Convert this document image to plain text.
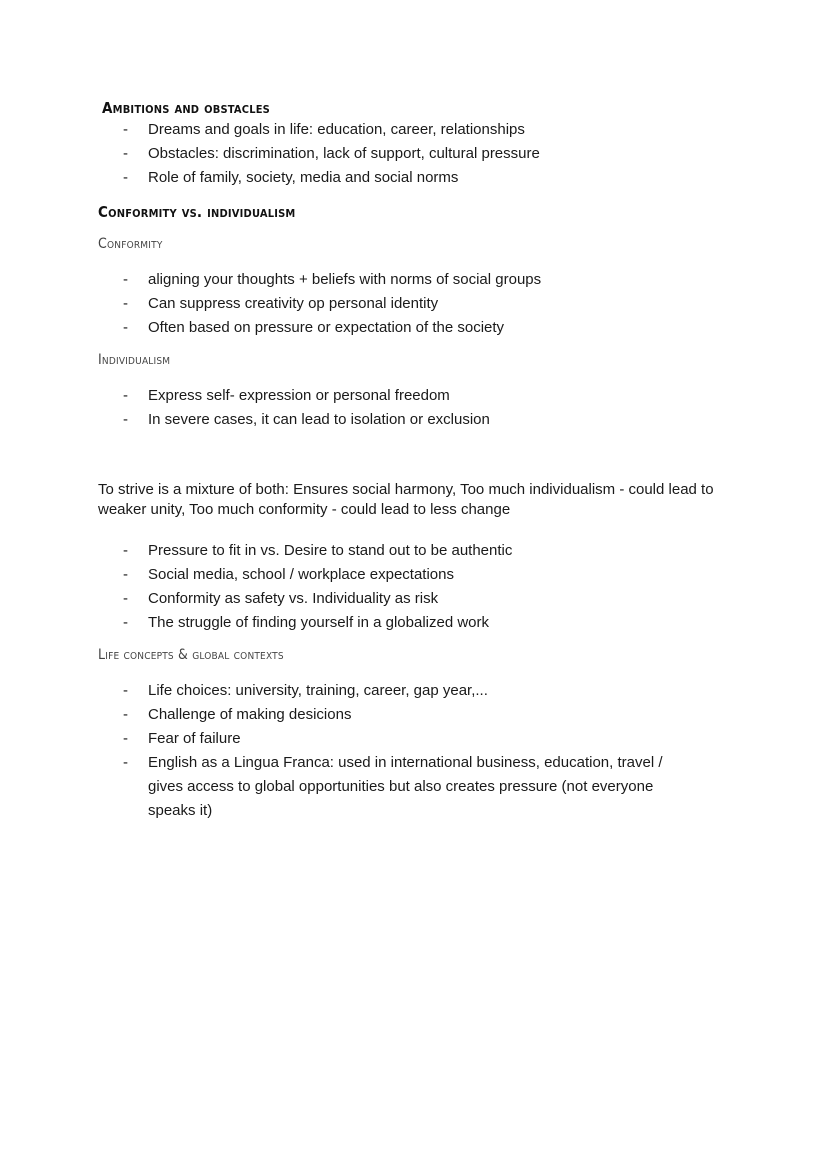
Ambitions and obstacles
- Dreams and goals in life: education, career, relationships
- Obstacles: discrimination, lack of support, cultural pressure
- Role of family, society, media and social norms
Conformity vs. individualism
Conformity
- aligning your thoughts + beliefs with norms of social groups
- Can suppress creativity op personal identity
- Often based on pressure or expectation of the society
Individualism
- Express self- expression or personal freedom
- In severe cases, it can lead to isolation or exclusion

To strive is a mixture of both: Ensures social harmony, Too much individualism - could lead to weaker unity, Too much conformity - could lead to less change

- Pressure to fit in vs. Desire to stand out to be authentic
- Social media, school / workplace expectations
- Conformity as safety vs. Individuality as risk
- The struggle of finding yourself in a globalized work
Life concepts & global contexts
- Life choices: university, training, career, gap year,...
- Challenge of making desicions
- Fear of failure
- English as a Lingua Franca: used in international business, education, travel / gives access to global opportunities but also creates pressure (not everyone speaks it)
